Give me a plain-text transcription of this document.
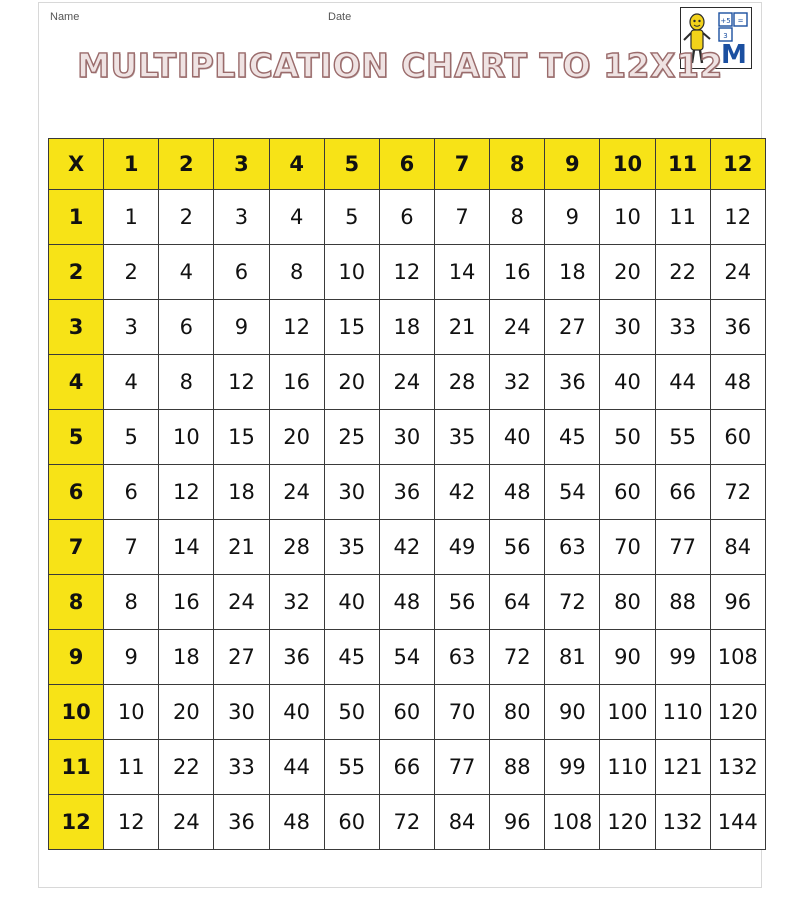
Name	Date	+5 =
3
M
MULTIPLICATION CHART TO 12X12
X	1	2	3	4	5	6	7	8	9	10	11	12
1	1	2	3	4	5	6	7	8	9	10	11	12
2	2	4	6	8	10	12	14	16	18	20	22	24
3	3	6	9	12	15	18	21	24	27	30	33	36
4	4	8	12	16	20	24	28	32	36	40	44	48
5	5	10	15	20	25	30	35	40	45	50	55	60
6	6	12	18	24	30	36	42	48	54	60	66	72
7	7	14	21	28	35	42	49	56	63	70	77	84
8	8	16	24	32	40	48	56	64	72	80	88	96
9	9	18	27	36	45	54	63	72	81	90	99	108
10	10	20	30	40	50	60	70	80	90	100	110	120
11	11	22	33	44	55	66	77	88	99	110	121	132
12	12	24	36	48	60	72	84	96	108	120	132	144
